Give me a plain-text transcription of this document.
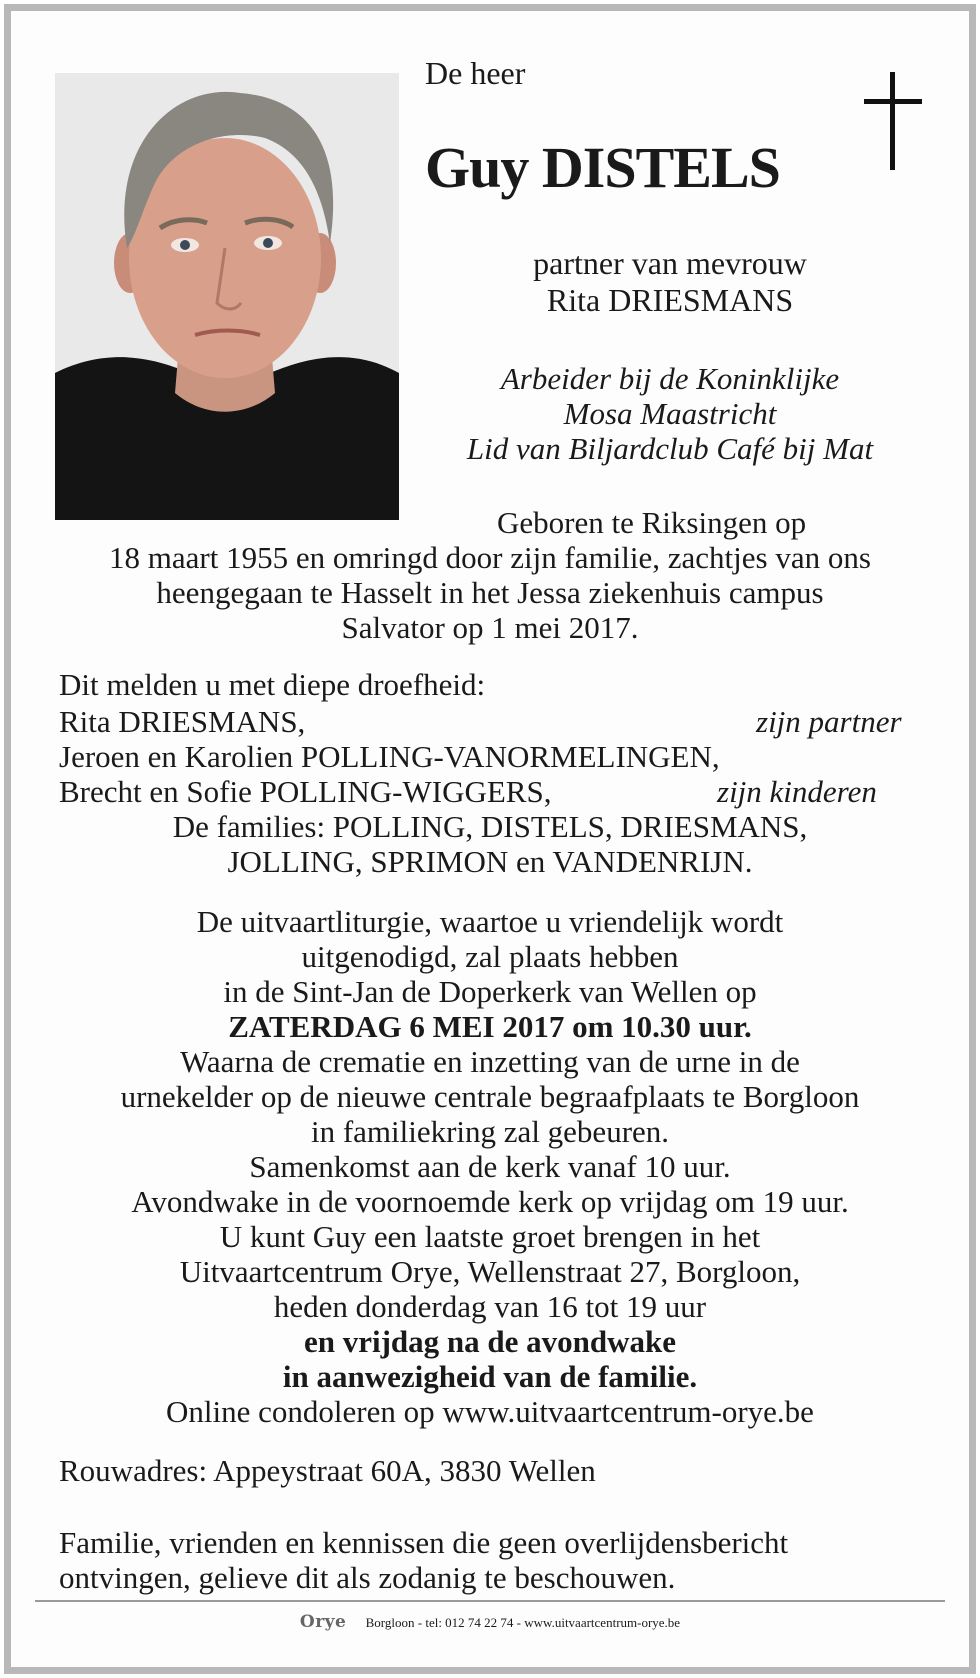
De heer
Guy DISTELS
partner van mevrouw
Rita DRIESMANS
Arbeider bij de Koninklijke
Mosa Maastricht
Lid van Biljardclub Café bij Mat
Geboren te Riksingen op
18 maart 1955 en omringd door zijn familie, zachtjes van ons
heengegaan te Hasselt in het Jessa ziekenhuis campus
Salvator op 1 mei 2017.
Dit melden u met diepe droefheid:
Rita DRIESMANS,	zijn partner
Jeroen en Karolien POLLING-VANORMELINGEN,
Brecht en Sofie POLLING-WIGGERS,	zijn kinderen
De families: POLLING, DISTELS, DRIESMANS,
JOLLING, SPRIMON en VANDENRIJN.
De uitvaartliturgie, waartoe u vriendelijk wordt
uitgenodigd, zal plaats hebben
in de Sint-Jan de Doperkerk van Wellen op
ZATERDAG 6 MEI 2017 om 10.30 uur.
Waarna de crematie en inzetting van de urne in de
urnekelder op de nieuwe centrale begraafplaats te Borgloon
in familiekring zal gebeuren.
Samenkomst aan de kerk vanaf 10 uur.
Avondwake in de voornoemde kerk op vrijdag om 19 uur.
U kunt Guy een laatste groet brengen in het
Uitvaartcentrum Orye, Wellenstraat 27, Borgloon,
heden donderdag van 16 tot 19 uur
en vrijdag na de avondwake
in aanwezigheid van de familie.
Online condoleren op www.uitvaartcentrum-orye.be
Rouwadres: Appeystraat 60A, 3830 Wellen
Familie, vrienden en kennissen die geen overlijdensbericht
ontvingen, gelieve dit als zodanig te beschouwen.
Orye Borgloon - tel: 012 74 22 74 - www.uitvaartcentrum-orye.be
